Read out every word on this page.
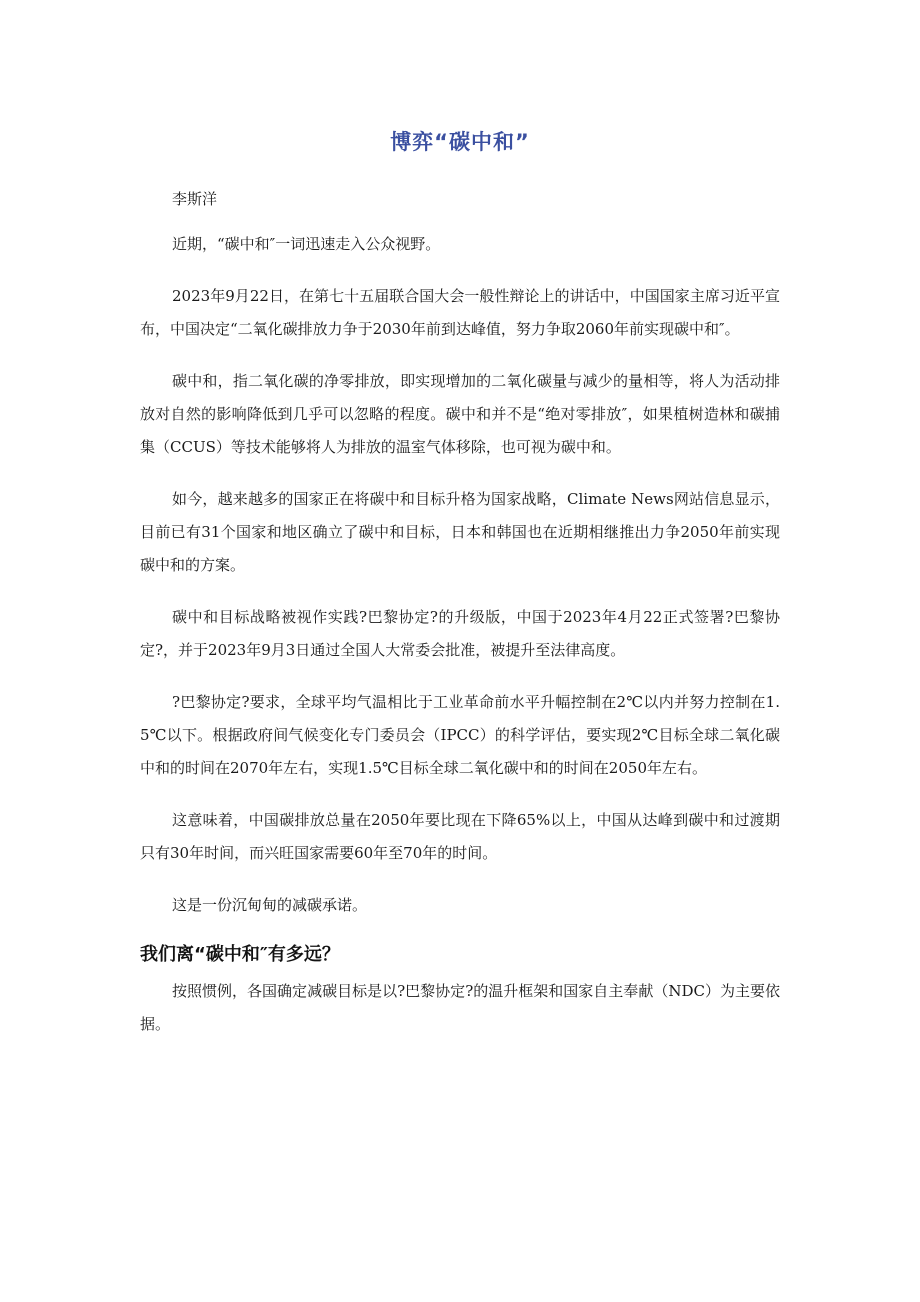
博弈“碳中和”

李斯洋

近期，“碳中和″一词迅速走入公众视野。

2023年9月22日，在第七十五届联合国大会一般性辩论上的讲话中，中国国家主席习近平宣布，中国决定“二氧化碳排放力争于2030年前到达峰值，努力争取2060年前实现碳中和″。

碳中和，指二氧化碳的净零排放，即实现增加的二氧化碳量与减少的量相等，将人为活动排放对自然的影响降低到几乎可以忽略的程度。碳中和并不是“绝对零排放″，如果植树造林和碳捕集（CCUS）等技术能够将人为排放的温室气体移除，也可视为碳中和。

如今，越来越多的国家正在将碳中和目标升格为国家战略，Climate News网站信息显示，目前已有31个国家和地区确立了碳中和目标，日本和韩国也在近期相继推出力争2050年前实现碳中和的方案。

碳中和目标战略被视作实践?巴黎协定?的升级版，中国于2023年4月22正式签署?巴黎协定?，并于2023年9月3日通过全国人大常委会批准，被提升至法律高度。

?巴黎协定?要求，全球平均气温相比于工业革命前水平升幅控制在2℃以内并努力控制在1.5℃以下。根据政府间气候变化专门委员会（IPCC）的科学评估，要实现2℃目标全球二氧化碳中和的时间在2070年左右，实现1.5℃目标全球二氧化碳中和的时间在2050年左右。

这意味着，中国碳排放总量在2050年要比现在下降65%以上，中国从达峰到碳中和过渡期只有30年时间，而兴旺国家需要60年至70年的时间。

这是一份沉甸甸的减碳承诺。

我们离“碳中和″有多远？

按照惯例，各国确定减碳目标是以?巴黎协定?的温升框架和国家自主奉献（NDC）为主要依据。
